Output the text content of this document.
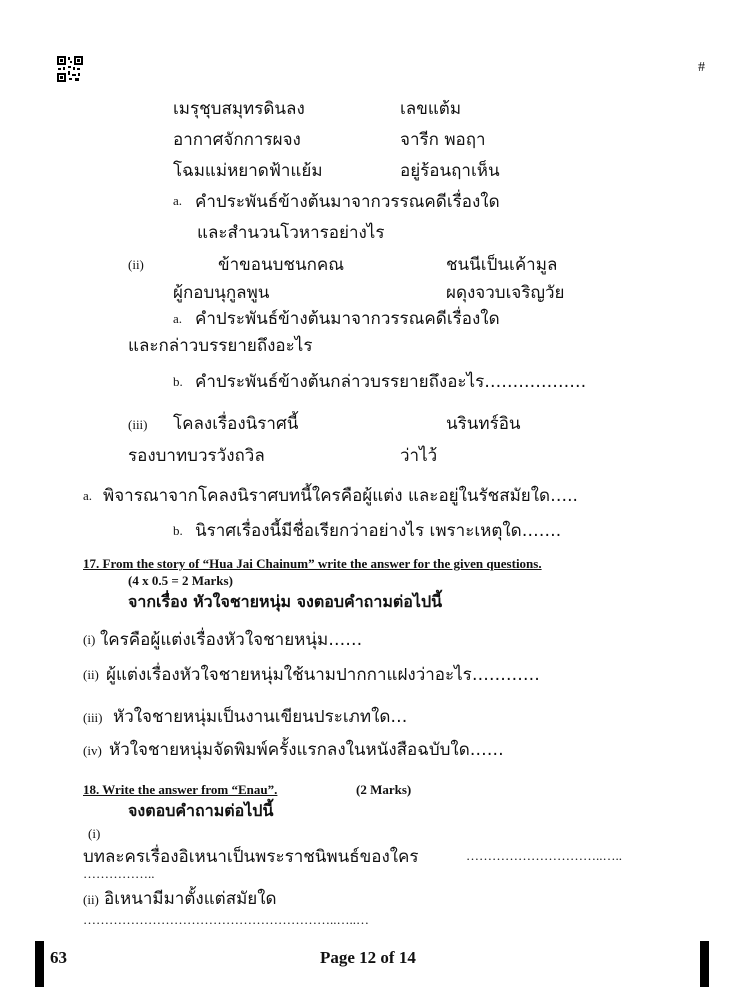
#
เมรุชุบสมุทรดินลง	เลขแต้ม
อากาศจักการผจง	จารีก พอฤา
โฉมแม่หยาดฟ้าแย้ม	อยู่ร้อนฤาเห็น
a. คำประพันธ์ข้างต้นมาจากวรรณคดีเรื่องใด
และสำนวนโวหารอย่างไร
(ii)	ข้าขอนบชนกคณ	ชนนีเป็นเค้ามูล
ผู้กอบนุกูลพูน	ผดุงจวบเจริญวัย
a. คำประพันธ์ข้างต้นมาจากวรรณคดีเรื่องใด
และกล่าวบรรยายถึงอะไร
b. คำประพันธ์ข้างต้นกล่าวบรรยายถึงอะไร………………
(iii) โคลงเรื่องนิราศนี้	นรินทร์อิน
รองบาทบวรวังถวิล	ว่าไว้
a. พิจารณาจากโคลงนิราศบทนี้ใครคือผู้แต่ง และอยู่ในรัชสมัยใด…..
b. นิราศเรื่องนี้มีชื่อเรียกว่าอย่างไร เพราะเหตุใด…….
17. From the story of “Hua Jai Chainum” write the answer for the given questions.
(4 x 0.5 = 2 Marks)
จากเรื่อง หัวใจชายหนุ่ม จงตอบคำถามต่อไปนี้
(i) ใครคือผู้แต่งเรื่องหัวใจชายหนุ่ม……
(ii) ผู้แต่งเรื่องหัวใจชายหนุ่มใช้นามปากกาแฝงว่าอะไร…………
(iii) หัวใจชายหนุ่มเป็นงานเขียนประเภทใด…
(iv) หัวใจชายหนุ่มจัดพิมพ์ครั้งแรกลงในหนังสือฉบับใด……
18. Write the answer from “Enau”.	(2 Marks)
จงตอบคำถามต่อไปนี้
(i)
บทละครเรื่องอิเหนาเป็นพระราชนิพนธ์ของใคร	…………………………..…..
……………..
(ii) อิเหนามีมาตั้งแต่สมัยใด
…………………………………………………..…..…
63	Page 12 of 14
